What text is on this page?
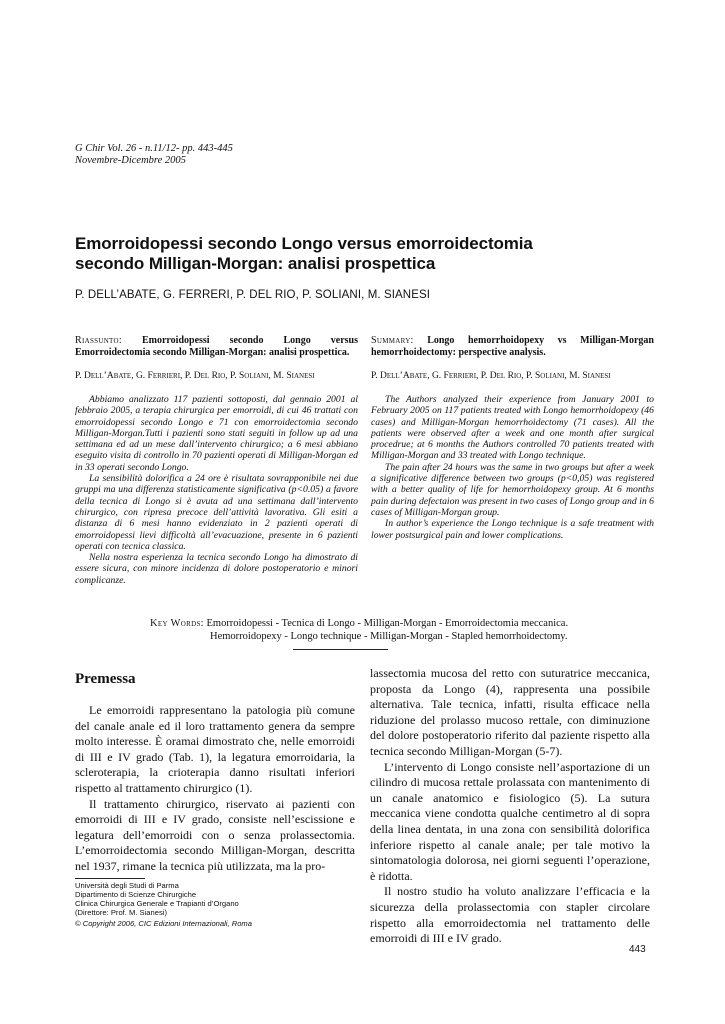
G Chir Vol. 26 - n.11/12- pp. 443-445
Novembre-Dicembre 2005
Emorroidopessi secondo Longo versus emorroidectomia
secondo Milligan-Morgan: analisi prospettica
P. DELL’ABATE, G. FERRERI, P. DEL RIO, P. SOLIANI, M. SIANESI
Riassunto: Emorroidopessi secondo Longo versus Emorroidectomia secondo Milligan-Morgan: analisi prospettica.
P. Dell’Abate, G. Ferrieri, P. Del Rio, P. Soliani, M. Sianesi

Abbiamo analizzato 117 pazienti sottoposti, dal gennaio 2001 al febbraio 2005, a terapia chirurgica per emorroidi, di cui 46 trattati con emorroidopessi secondo Longo e 71 con emorroidectomia secondo Milligan-Morgan.Tutti i pazienti sono stati seguiti in follow up ad una settimana ed ad un mese dall’intervento chirurgico; a 6 mesi abbiano eseguito visita di controllo in 70 pazienti operati di Milligan-Morgan ed in 33 operati secondo Longo.

La sensibilità dolorifica a 24 ore è risultata sovrapponibile nei due gruppi ma una differenza statisticamente significativa (p<0.05) a favore della tecnica di Longo si è avuta ad una settimana dall’intervento chirurgico, con ripresa precoce dell’attività lavorativa. Gli esiti a distanza di 6 mesi hanno evidenziato in 2 pazienti operati di emorroidopessi lievi difficoltà all’evacuazione, presente in 6 pazienti operati con tecnica classica.

Nella nostra esperienza la tecnica secondo Longo ha dimostrato di essere sicura, con minore incidenza di dolore postoperatorio e minori complicanze.

Summary: Longo hemorrhoidopexy vs Milligan-Morgan hemorrhoidectomy: perspective analysis.
P. Dell’Abate, G. Ferrieri, P. Del Rio, P. Soliani, M. Sianesi

The Authors analyzed their experience from January 2001 to February 2005 on 117 patients treated with Longo hemorrhoidopexy (46 cases) and Milligan-Morgan hemorrhoidectomy (71 cases). All the patients were observed after a week and one month after surgical procedrue; at 6 months the Authors controlled 70 patients treated with Milligan-Morgan and 33 treated with Longo technique.

The pain after 24 hours was the same in two groups but after a week a significative difference between two groups (p<0,05) was registered with a better quality of life for hemorrhoidopexy group. At 6 months pain during defectaion was present in two cases of Longo group and in 6 cases of Milligan-Morgan group.

In author’s experience the Longo technique is a safe treatment with lower postsurgical pain and lower complications.

Key Words: Emorroidopessi - Tecnica di Longo - Milligan-Morgan - Emorroidectomia meccanica.
Hemorroidopexy - Longo technique - Milligan-Morgan - Stapled hemorrhoidectomy.
Premessa

Le emorroidi rappresentano la patologia più comune del canale anale ed il loro trattamento genera da sempre molto interesse. È oramai dimostrato che, nelle emorroidi di III e IV grado (Tab. 1), la legatura emorroidaria, la scleroterapia, la crioterapia danno risultati inferiori rispetto al trattamento chirurgico (1).

Il trattamento chirurgico, riservato ai pazienti con emorroidi di III e IV grado, consiste nell’escissione e legatura dell’emorroidi con o senza prolassectomia. L’emorroidectomia secondo Milligan-Morgan, descritta nel 1937, rimane la tecnica più utilizzata, ma la pro-

lassectomia mucosa del retto con suturatrice meccanica, proposta da Longo (4), rappresenta una possibile alternativa. Tale tecnica, infatti, risulta efficace nella riduzione del prolasso mucoso rettale, con diminuzione del dolore postoperatorio riferito dal paziente rispetto alla tecnica secondo Milligan-Morgan (5-7).

L’intervento di Longo consiste nell’asportazione di un cilindro di mucosa rettale prolassata con mantenimento di un canale anatomico e fisiologico (5). La sutura meccanica viene condotta qualche centimetro al di sopra della linea dentata, in una zona con sensibilità dolorifica inferiore rispetto al canale anale; per tale motivo la sintomatologia dolorosa, nei giorni seguenti l’operazione, è ridotta.

Il nostro studio ha voluto analizzare l’efficacia e la sicurezza della prolassectomia con stapler circolare rispetto alla emorroidectomia nel trattamento delle emorroidi di III e IV grado.

Università degli Studi di Parma
Dipartimento di Scienze Chirurgiche
Clinica Chirurgica Generale e Trapianti d’Organo
(Direttore: Prof. M. Sianesi)
© Copyright 2006, CIC Edizioni Internazionali, Roma
443
